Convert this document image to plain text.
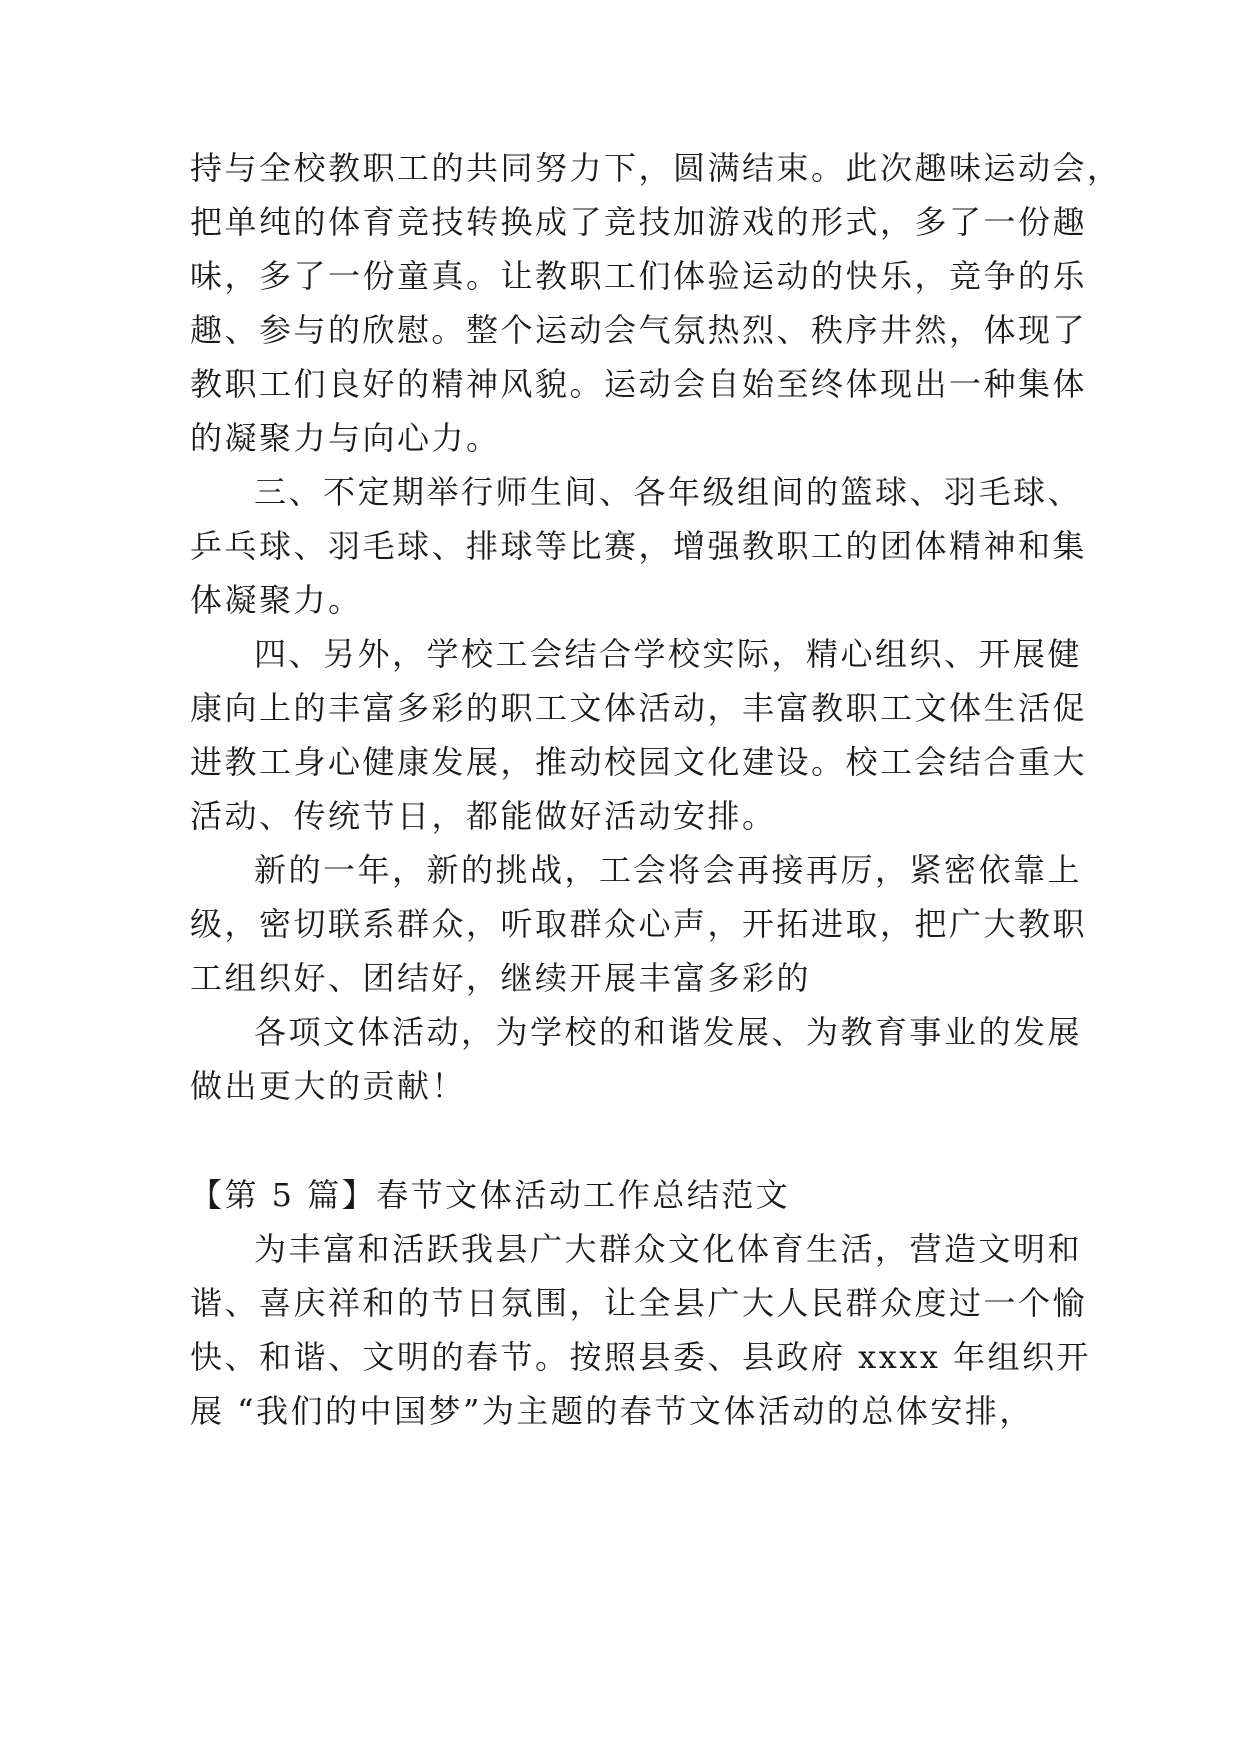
持与全校教职工的共同努力下，圆满结束。此次趣味运动会，
把单纯的体育竞技转换成了竞技加游戏的形式，多了一份趣
味，多了一份童真。让教职工们体验运动的快乐，竞争的乐
趣、参与的欣慰。整个运动会气氛热烈、秩序井然，体现了
教职工们良好的精神风貌。运动会自始至终体现出一种集体
的凝聚力与向心力。
三、不定期举行师生间、各年级组间的篮球、羽毛球、
乒乓球、羽毛球、排球等比赛，增强教职工的团体精神和集
体凝聚力。
四、另外，学校工会结合学校实际，精心组织、开展健
康向上的丰富多彩的职工文体活动，丰富教职工文体生活促
进教工身心健康发展，推动校园文化建设。校工会结合重大
活动、传统节日，都能做好活动安排。
新的一年，新的挑战，工会将会再接再厉，紧密依靠上
级，密切联系群众，听取群众心声，开拓进取，把广大教职
工组织好、团结好，继续开展丰富多彩的
各项文体活动，为学校的和谐发展、为教育事业的发展
做出更大的贡献！
【第 5 篇】春节文体活动工作总结范文
为丰富和活跃我县广大群众文化体育生活，营造文明和
谐、喜庆祥和的节日氛围，让全县广大人民群众度过一个愉
快、和谐、文明的春节。按照县委、县政府 xxxx 年组织开
展 “我们的中国梦”为主题的春节文体活动的总体安排，
